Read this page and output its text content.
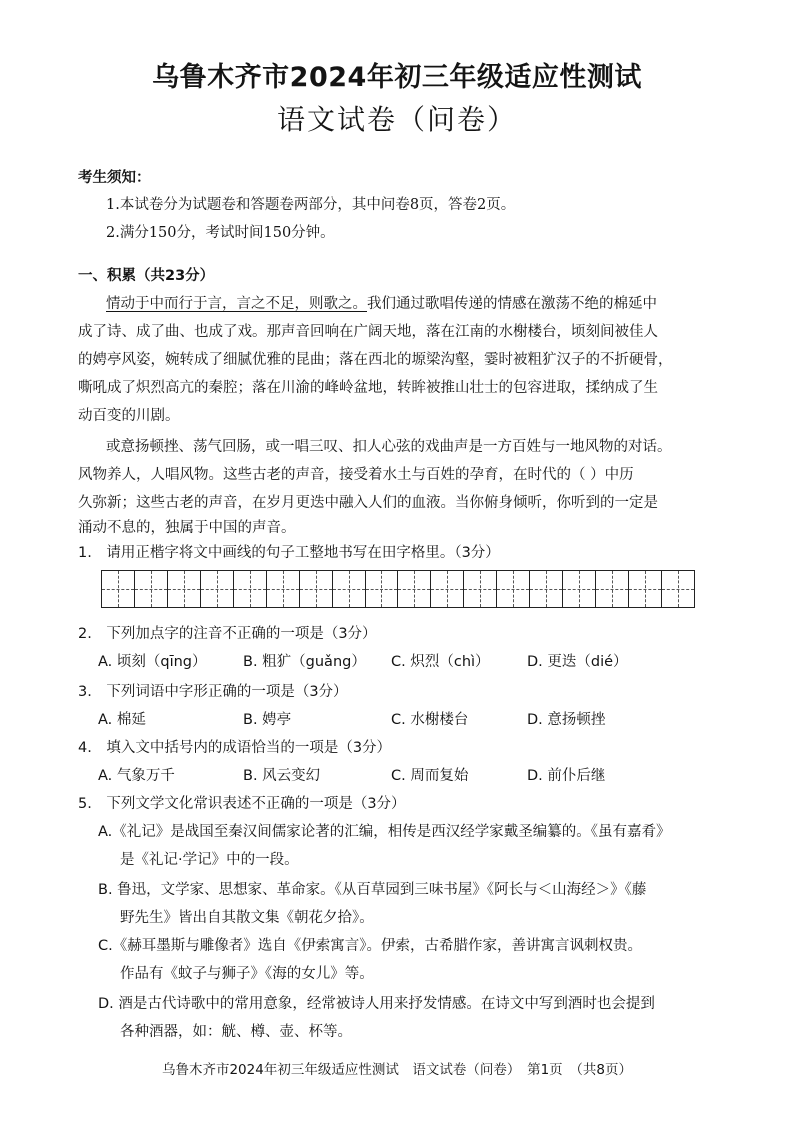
乌鲁木齐市2024年初三年级适应性测试
语文试卷（问卷）
考生须知：
1.本试卷分为试题卷和答题卷两部分，其中问卷8页，答卷2页。
2.满分150分，考试时间150分钟。
一、积累（共23分）
情动于中而行于言，言之不足，则歌之。我们通过歌唱传递的情感在激荡不绝的棉延中
成了诗、成了曲、也成了戏。那声音回响在广阔天地，落在江南的水榭楼台，顷刻间被佳人
的娉亭风姿，婉转成了细腻优雅的昆曲；落在西北的塬梁沟壑，霎时被粗犷汉子的不折硬骨，
嘶吼成了炽烈高亢的秦腔；落在川渝的峰岭盆地，转眸被推山壮士的包容进取，揉纳成了生
动百变的川剧。
或意扬顿挫、荡气回肠，或一唱三叹、扣人心弦的戏曲声是一方百姓与一地风物的对话。
风物养人，人唱风物。这些古老的声音，接受着水土与百姓的孕育，在时代的（ ）中历
久弥新；这些古老的声音，在岁月更迭中融入人们的血液。当你俯身倾听，你听到的一定是
涌动不息的，独属于中国的声音。
1.　请用正楷字将文中画线的句子工整地书写在田字格里。（3分）
2.　下列加点字的注音不正确的一项是（3分）
A. 顷刻（qīng）	B. 粗犷（guǎng） C. 炽烈（chì）	D. 更迭（dié）
3.　下列词语中字形正确的一项是（3分）
A. 棉延	B. 娉亭	C. 水榭楼台	D. 意扬顿挫
4.　填入文中括号内的成语恰当的一项是（3分）
A. 气象万千	B. 风云变幻	C. 周而复始	D. 前仆后继
5.　下列文学文化常识表述不正确的一项是（3分）
A.《礼记》是战国至秦汉间儒家论著的汇编，相传是西汉经学家戴圣编纂的。《虽有嘉肴》
是《礼记·学记》中的一段。
B. 鲁迅，文学家、思想家、革命家。《从百草园到三味书屋》《阿长与＜山海经＞》《藤
野先生》皆出自其散文集《朝花夕拾》。
C.《赫耳墨斯与雕像者》选自《伊索寓言》。伊索，古希腊作家，善讲寓言讽刺权贵。
作品有《蚊子与狮子》《海的女儿》等。
D. 酒是古代诗歌中的常用意象，经常被诗人用来抒发情感。在诗文中写到酒时也会提到
各种酒器，如：觥、樽、壶、杯等。
乌鲁木齐市2024年初三年级适应性测试　语文试卷（问卷）　第1页　（共8页）
